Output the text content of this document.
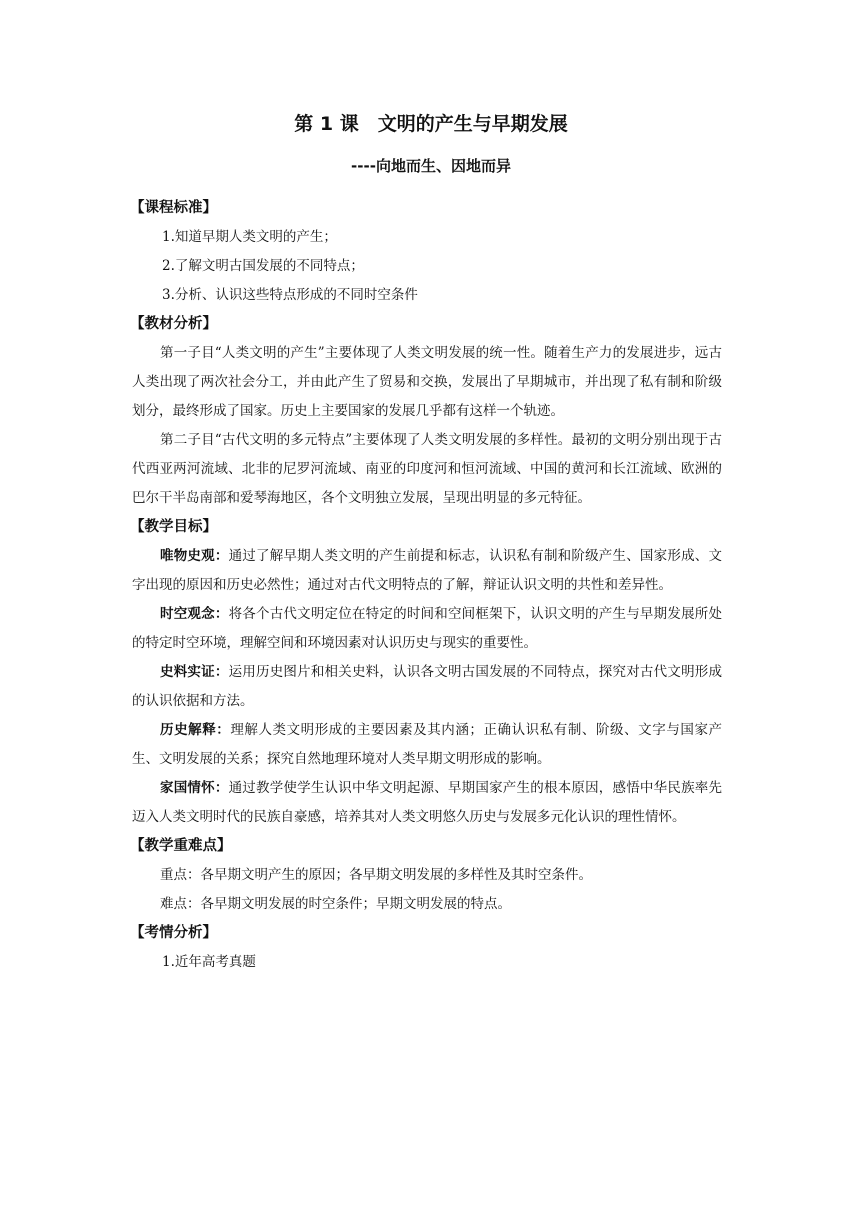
第 1 课　文明的产生与早期发展
----向地而生、因地而异
【课程标准】
1.知道早期人类文明的产生；
2.了解文明古国发展的不同特点；
3.分析、认识这些特点形成的不同时空条件
【教材分析】
第一子目“人类文明的产生”主要体现了人类文明发展的统一性。随着生产力的发展进步，远古人类出现了两次社会分工，并由此产生了贸易和交换，发展出了早期城市，并出现了私有制和阶级划分，最终形成了国家。历史上主要国家的发展几乎都有这样一个轨迹。
第二子目“古代文明的多元特点”主要体现了人类文明发展的多样性。最初的文明分别出现于古代西亚两河流域、北非的尼罗河流域、南亚的印度河和恒河流域、中国的黄河和长江流域、欧洲的巴尔干半岛南部和爱琴海地区，各个文明独立发展，呈现出明显的多元特征。
【教学目标】
唯物史观：通过了解早期人类文明的产生前提和标志，认识私有制和阶级产生、国家形成、文字出现的原因和历史必然性；通过对古代文明特点的了解，辩证认识文明的共性和差异性。
时空观念：将各个古代文明定位在特定的时间和空间框架下，认识文明的产生与早期发展所处的特定时空环境，理解空间和环境因素对认识历史与现实的重要性。
史料实证：运用历史图片和相关史料，认识各文明古国发展的不同特点，探究对古代文明形成的认识依据和方法。
历史解释：理解人类文明形成的主要因素及其内涵；正确认识私有制、阶级、文字与国家产生、文明发展的关系；探究自然地理环境对人类早期文明形成的影响。
家国情怀：通过教学使学生认识中华文明起源、早期国家产生的根本原因，感悟中华民族率先迈入人类文明时代的民族自豪感，培养其对人类文明悠久历史与发展多元化认识的理性情怀。
【教学重难点】
重点：各早期文明产生的原因；各早期文明发展的多样性及其时空条件。
难点：各早期文明发展的时空条件；早期文明发展的特点。
【考情分析】
1.近年高考真题
